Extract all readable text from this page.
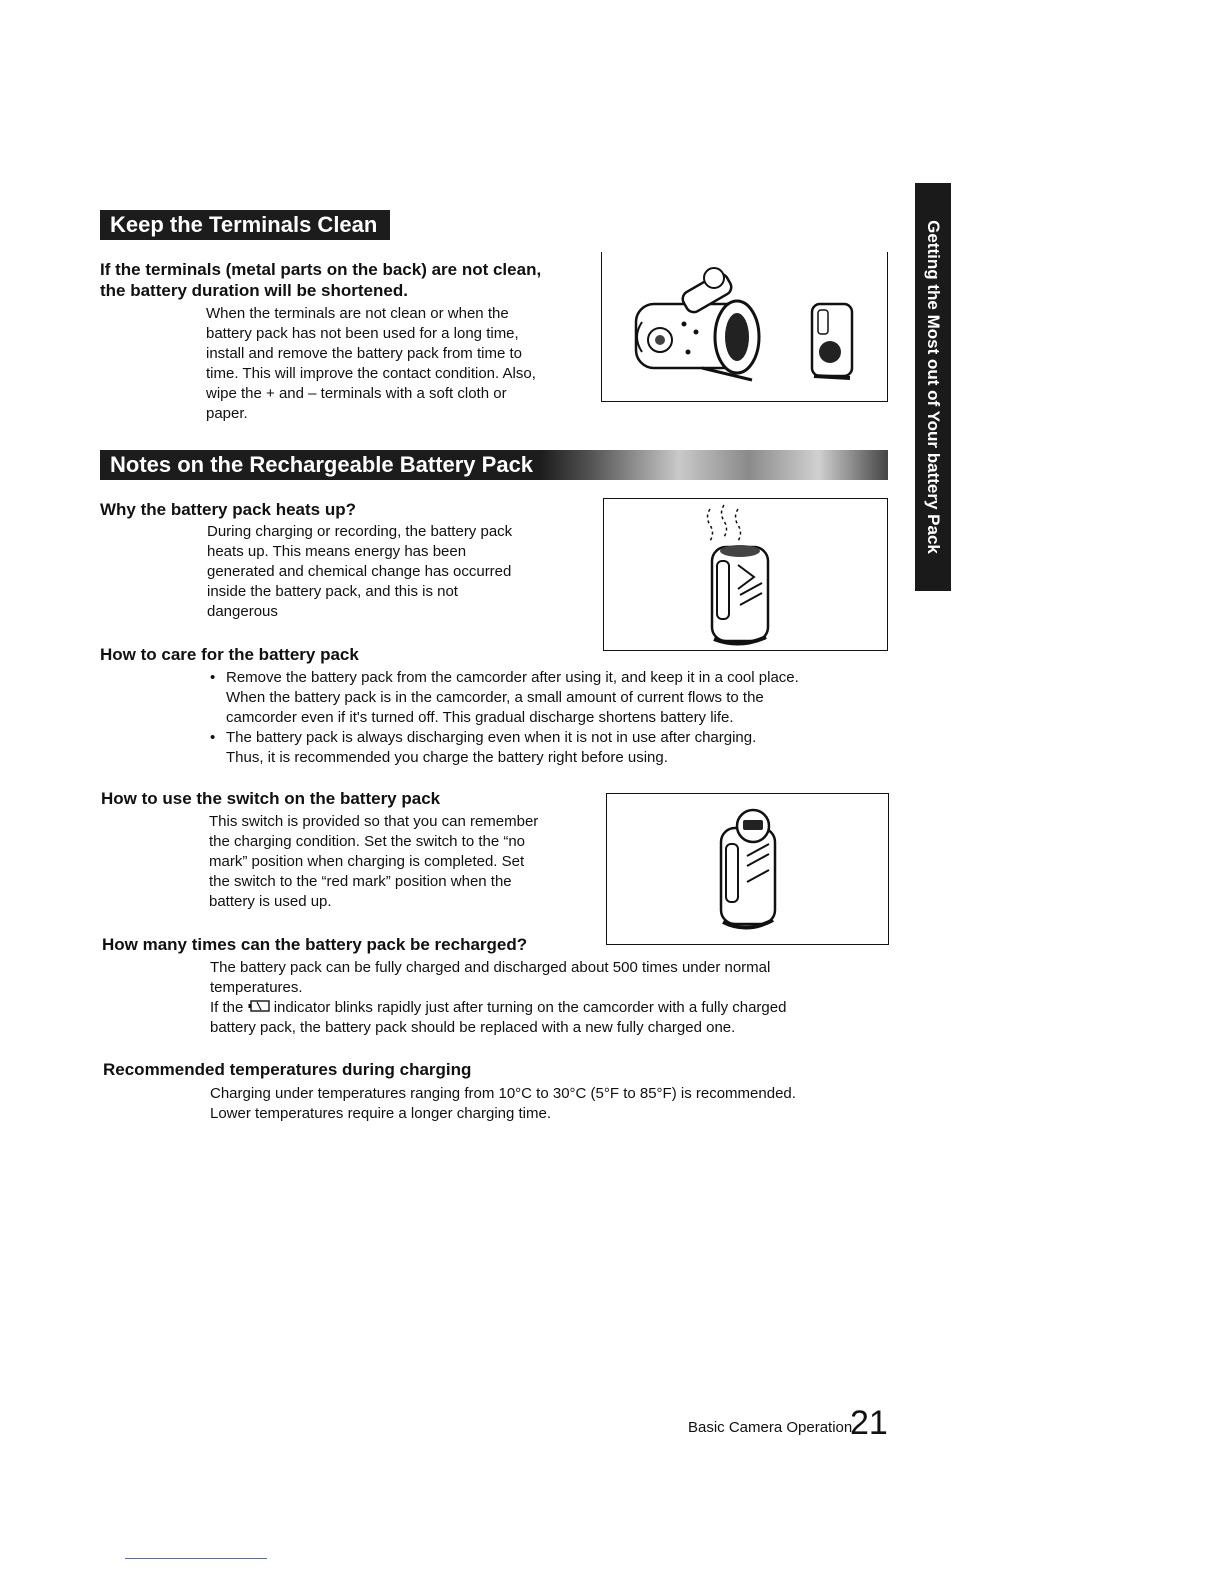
Keep the Terminals Clean
If the terminals (metal parts on the back) are not clean,
the battery duration will be shortened.
When the terminals are not clean or when the
battery pack has not been used for a long time,
install and remove the battery pack from time to
time. This will improve the contact condition. Also,
wipe the + and – terminals with a soft cloth or
paper.
Notes on the Rechargeable Battery Pack
Why the battery pack heats up?
During charging or recording, the battery pack
heats up. This means energy has been
generated and chemical change has occurred
inside the battery pack, and this is not
dangerous
How to care for the battery pack
• Remove the battery pack from the camcorder after using it, and keep it in a cool place.
When the battery pack is in the camcorder, a small amount of current flows to the
camcorder even if it's turned off. This gradual discharge shortens battery life.
• The battery pack is always discharging even when it is not in use after charging.
Thus, it is recommended you charge the battery right before using.
How to use the switch on the battery pack
This switch is provided so that you can remember
the charging condition. Set the switch to the “no
mark” position when charging is completed. Set
the switch to the “red mark” position when the
battery is used up.
How many times can the battery pack be recharged?
The battery pack can be fully charged and discharged about 500 times under normal
temperatures.
If the indicator blinks rapidly just after turning on the camcorder with a fully charged
battery pack, the battery pack should be replaced with a new fully charged one.
Recommended temperatures during charging
Charging under temperatures ranging from 10°C to 30°C (5°F to 85°F) is recommended.
Lower temperatures require a longer charging time.
Getting the Most out of Your battery Pack
Basic Camera Operation
21
